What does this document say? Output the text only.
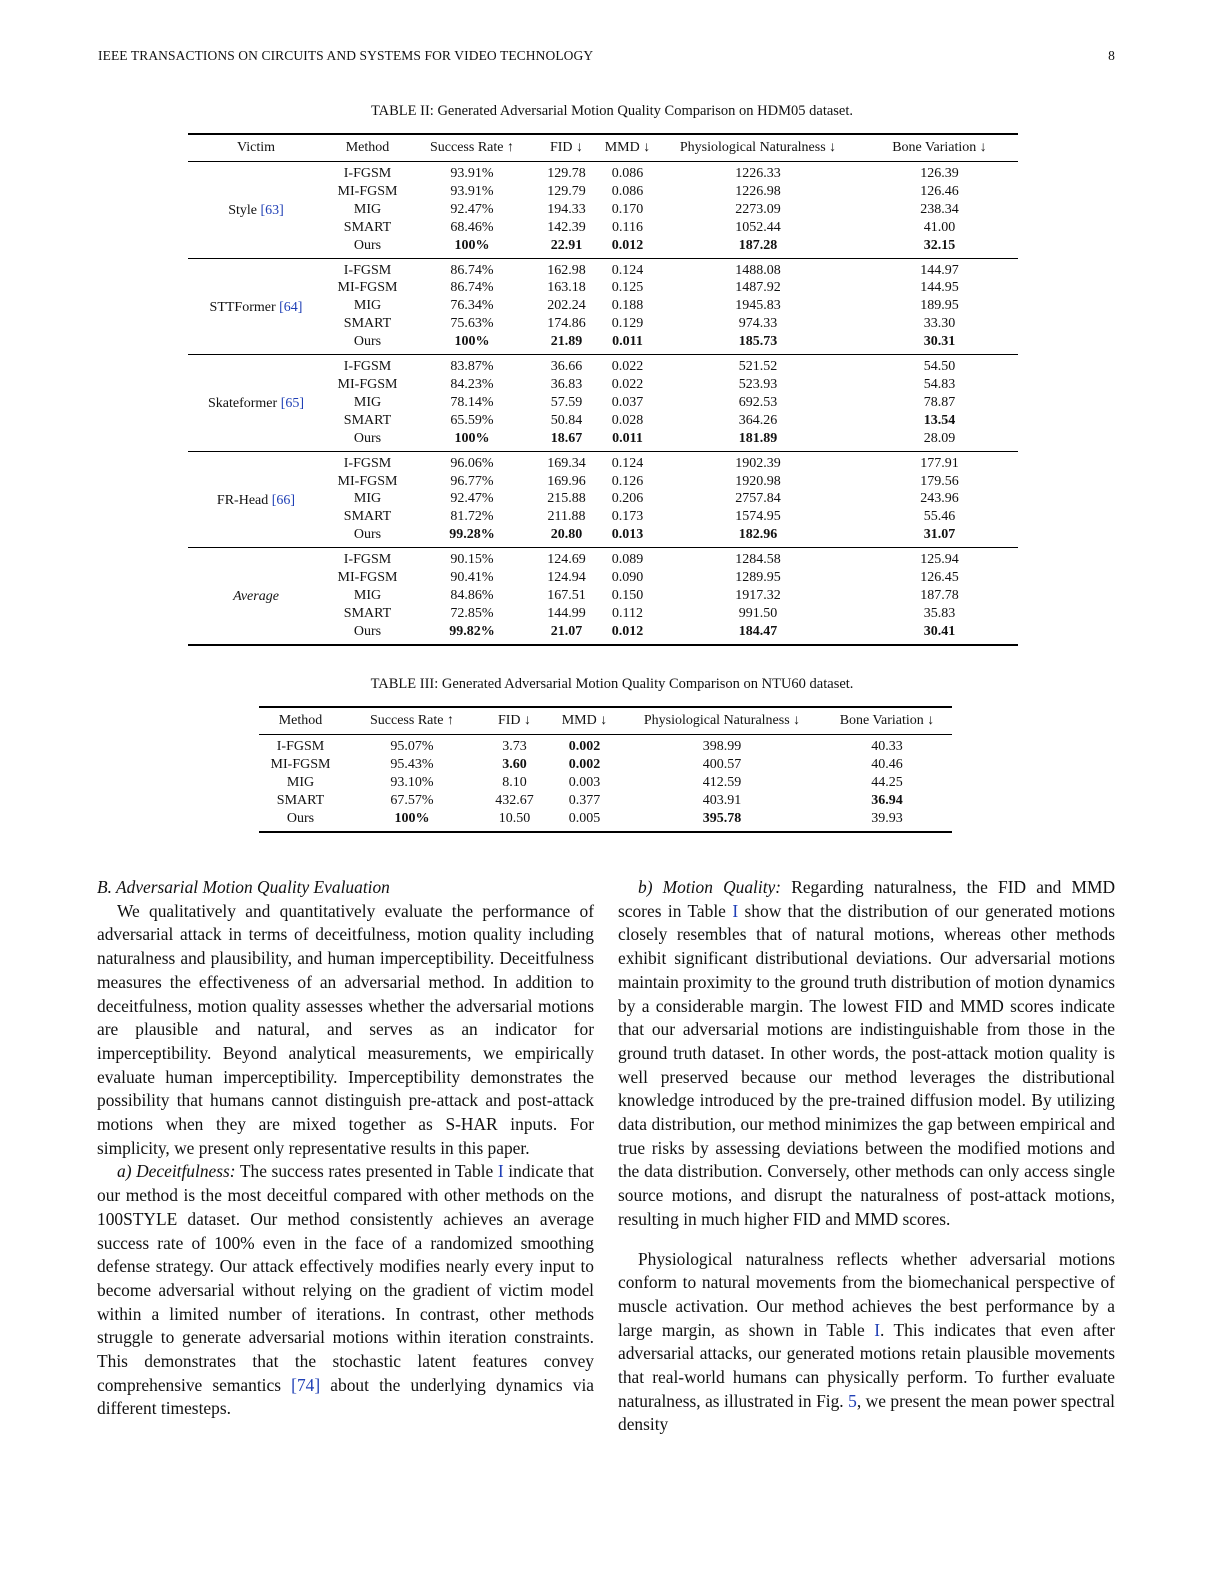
IEEE TRANSACTIONS ON CIRCUITS AND SYSTEMS FOR VIDEO TECHNOLOGY	8
TABLE II: Generated Adversarial Motion Quality Comparison on HDM05 dataset.
Victim	Method	Success Rate ↑	FID ↓	MMD ↓	Physiological Naturalness ↓	Bone Variation ↓
Style [63]	I-FGSM	93.91%	129.78	0.086	1226.33	126.39
	MI-FGSM	93.91%	129.79	0.086	1226.98	126.46
	MIG	92.47%	194.33	0.170	2273.09	238.34
	SMART	68.46%	142.39	0.116	1052.44	41.00
	Ours	100%	22.91	0.012	187.28	32.15
STTFormer [64]	I-FGSM	86.74%	162.98	0.124	1488.08	144.97
	MI-FGSM	86.74%	163.18	0.125	1487.92	144.95
	MIG	76.34%	202.24	0.188	1945.83	189.95
	SMART	75.63%	174.86	0.129	974.33	33.30
	Ours	100%	21.89	0.011	185.73	30.31
Skateformer [65]	I-FGSM	83.87%	36.66	0.022	521.52	54.50
	MI-FGSM	84.23%	36.83	0.022	523.93	54.83
	MIG	78.14%	57.59	0.037	692.53	78.87
	SMART	65.59%	50.84	0.028	364.26	13.54
	Ours	100%	18.67	0.011	181.89	28.09
FR-Head [66]	I-FGSM	96.06%	169.34	0.124	1902.39	177.91
	MI-FGSM	96.77%	169.96	0.126	1920.98	179.56
	MIG	92.47%	215.88	0.206	2757.84	243.96
	SMART	81.72%	211.88	0.173	1574.95	55.46
	Ours	99.28%	20.80	0.013	182.96	31.07
Average	I-FGSM	90.15%	124.69	0.089	1284.58	125.94
	MI-FGSM	90.41%	124.94	0.090	1289.95	126.45
	MIG	84.86%	167.51	0.150	1917.32	187.78
	SMART	72.85%	144.99	0.112	991.50	35.83
	Ours	99.82%	21.07	0.012	184.47	30.41
TABLE III: Generated Adversarial Motion Quality Comparison on NTU60 dataset.
Method	Success Rate ↑	FID ↓	MMD ↓	Physiological Naturalness ↓	Bone Variation ↓
I-FGSM	95.07%	3.73	0.002	398.99	40.33
MI-FGSM	95.43%	3.60	0.002	400.57	40.46
MIG	93.10%	8.10	0.003	412.59	44.25
SMART	67.57%	432.67	0.377	403.91	36.94
Ours	100%	10.50	0.005	395.78	39.93

B. Adversarial Motion Quality Evaluation

We qualitatively and quantitatively evaluate the performance of adversarial attack in terms of deceitfulness, motion quality including naturalness and plausibility, and human imperceptibility. Deceitfulness measures the effectiveness of an adversarial method. In addition to deceitfulness, motion quality assesses whether the adversarial motions are plausible and natural, and serves as an indicator for imperceptibility. Beyond analytical measurements, we empirically evaluate human imperceptibility. Imperceptibility demonstrates the possibility that humans cannot distinguish pre-attack and post-attack motions when they are mixed together as S-HAR inputs. For simplicity, we present only representative results in this paper.

a) Deceitfulness: The success rates presented in Table I indicate that our method is the most deceitful compared with other methods on the 100STYLE dataset. Our method consistently achieves an average success rate of 100% even in the face of a randomized smoothing defense strategy. Our attack effectively modifies nearly every input to become adversarial without relying on the gradient of victim model within a limited number of iterations. In contrast, other methods struggle to generate adversarial motions within iteration constraints. This demonstrates that the stochastic latent features convey comprehensive semantics [74] about the underlying dynamics via different timesteps.

b) Motion Quality: Regarding naturalness, the FID and MMD scores in Table I show that the distribution of our generated motions closely resembles that of natural motions, whereas other methods exhibit significant distributional deviations. Our adversarial motions maintain proximity to the ground truth distribution of motion dynamics by a considerable margin. The lowest FID and MMD scores indicate that our adversarial motions are indistinguishable from those in the ground truth dataset. In other words, the post-attack motion quality is well preserved because our method leverages the distributional knowledge introduced by the pre-trained diffusion model. By utilizing data distribution, our method minimizes the gap between empirical and true risks by assessing deviations between the modified motions and the data distribution. Conversely, other methods can only access single source motions, and disrupt the naturalness of post-attack motions, resulting in much higher FID and MMD scores.

Physiological naturalness reflects whether adversarial motions conform to natural movements from the biomechanical perspective of muscle activation. Our method achieves the best performance by a large margin, as shown in Table I. This indicates that even after adversarial attacks, our generated motions retain plausible movements that real-world humans can physically perform. To further evaluate naturalness, as illustrated in Fig. 5, we present the mean power spectral density
